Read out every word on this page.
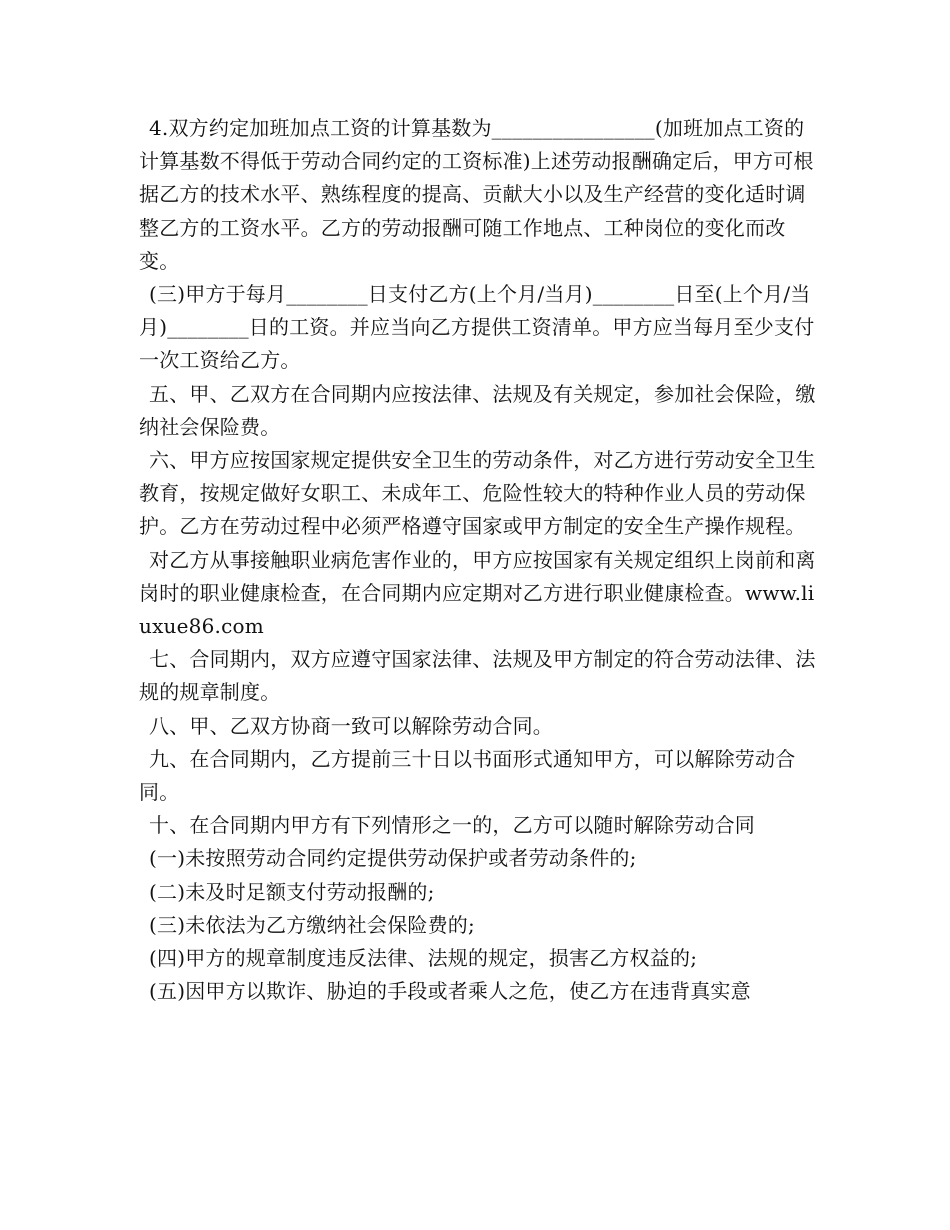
4.双方约定加班加点工资的计算基数为________________(加班加点工资的计算基数不得低于劳动合同约定的工资标准)上述劳动报酬确定后，甲方可根据乙方的技术水平、熟练程度的提高、贡献大小以及生产经营的变化适时调整乙方的工资水平。乙方的劳动报酬可随工作地点、工种岗位的变化而改变。

(三)甲方于每月________日支付乙方(上个月/当月)________日至(上个月/当月)________日的工资。并应当向乙方提供工资清单。甲方应当每月至少支付一次工资给乙方。

五、甲、乙双方在合同期内应按法律、法规及有关规定，参加社会保险，缴纳社会保险费。

六、甲方应按国家规定提供安全卫生的劳动条件，对乙方进行劳动安全卫生教育，按规定做好女职工、未成年工、危险性较大的特种作业人员的劳动保护。乙方在劳动过程中必须严格遵守国家或甲方制定的安全生产操作规程。

对乙方从事接触职业病危害作业的，甲方应按国家有关规定组织上岗前和离岗时的职业健康检查，在合同期内应定期对乙方进行职业健康检查。www.liuxue86.com

七、合同期内，双方应遵守国家法律、法规及甲方制定的符合劳动法律、法规的规章制度。

八、甲、乙双方协商一致可以解除劳动合同。

九、在合同期内，乙方提前三十日以书面形式通知甲方，可以解除劳动合同。

十、在合同期内甲方有下列情形之一的，乙方可以随时解除劳动合同

(一)未按照劳动合同约定提供劳动保护或者劳动条件的;

(二)未及时足额支付劳动报酬的;

(三)未依法为乙方缴纳社会保险费的;

(四)甲方的规章制度违反法律、法规的规定，损害乙方权益的;

(五)因甲方以欺诈、胁迫的手段或者乘人之危，使乙方在违背真实意
